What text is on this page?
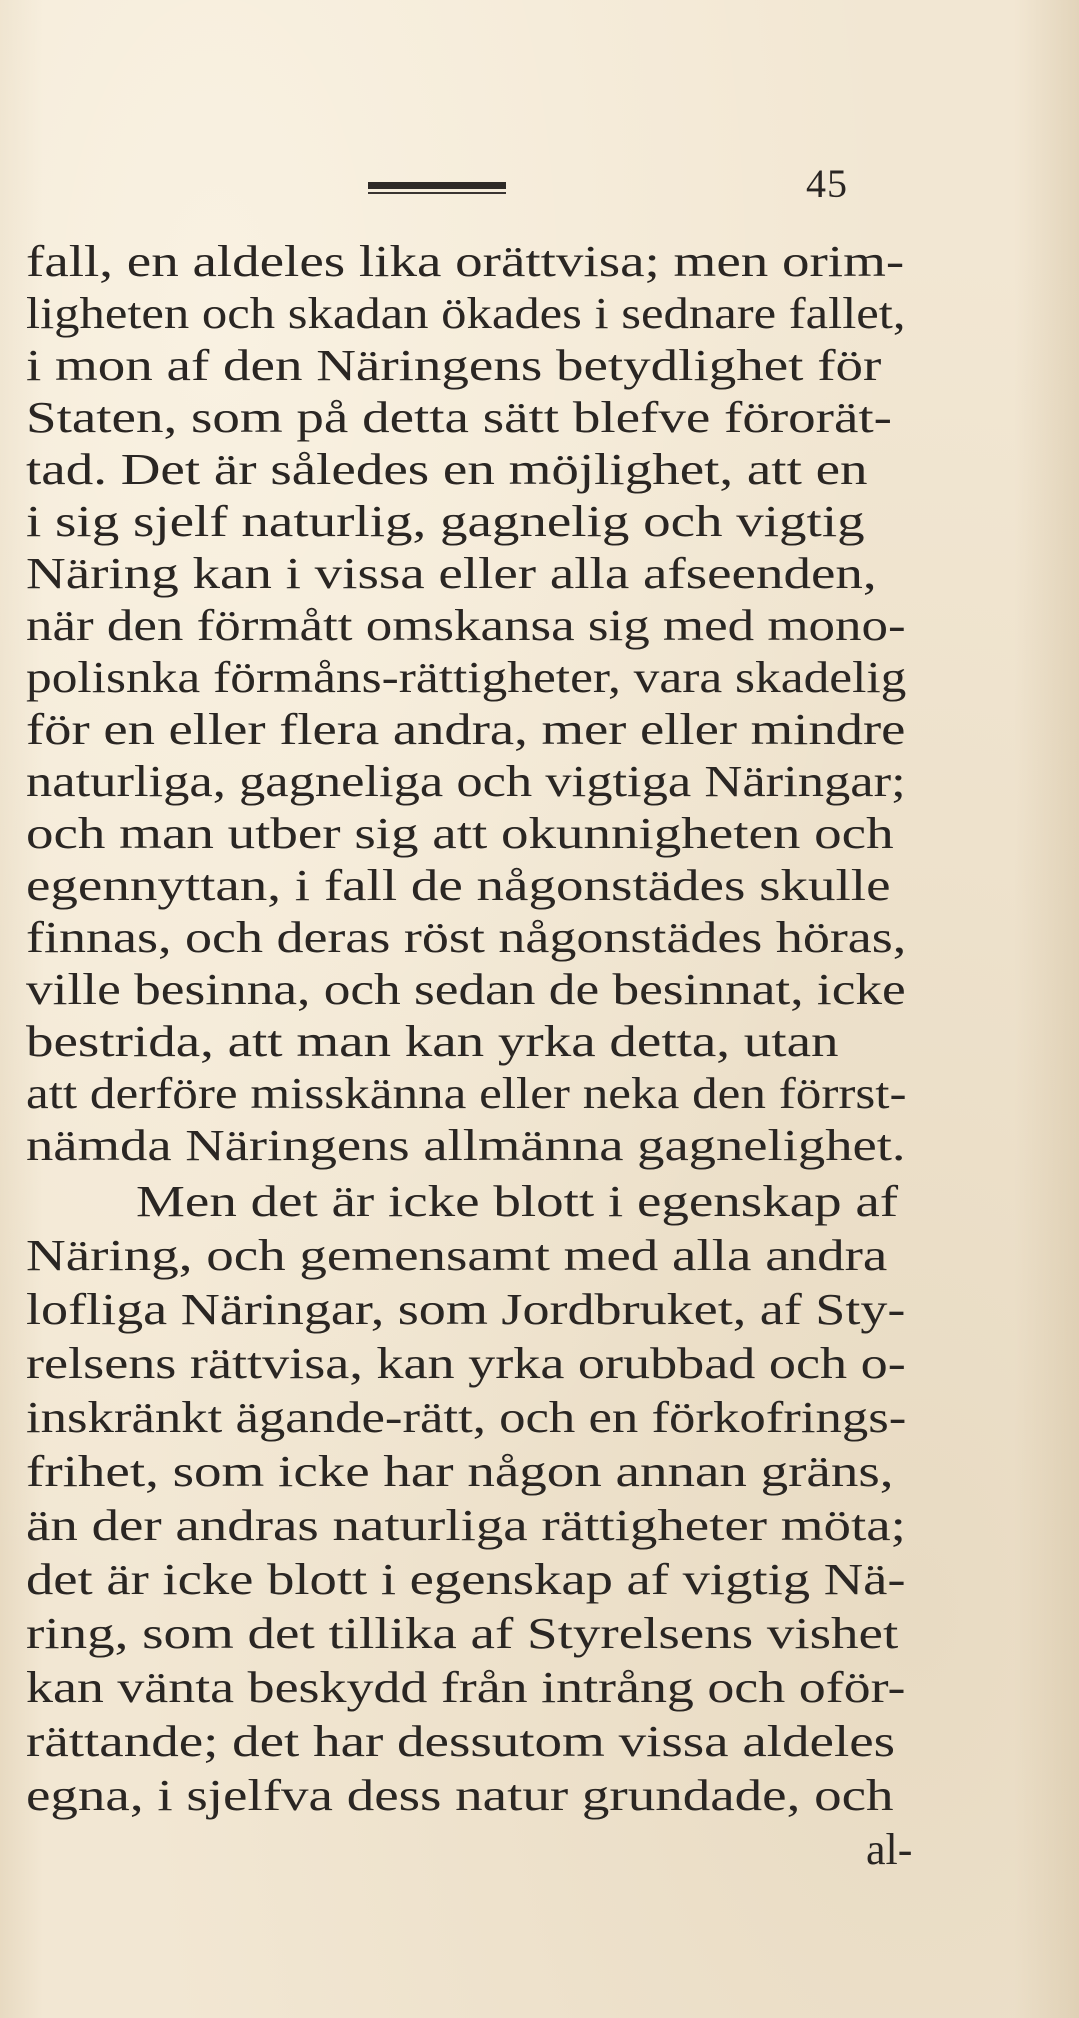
45
fall, en aldeles lika orättvisa; men orim-
ligheten och skadan ökades i sednare fallet,
i mon af den Näringens betydlighet för
Staten, som på detta sätt blefve förorät-
tad. Det är således en möjlighet, att en
i sig sjelf naturlig, gagnelig och vigtig
Näring kan i vissa eller alla afseenden,
när den förmått omskansa sig med mono-
polisnka förmåns-rättigheter, vara skadelig
för en eller flera andra, mer eller mindre
naturliga, gagneliga och vigtiga Näringar;
och man utber sig att okunnigheten och
egennyttan, i fall de någonstädes skulle
finnas, och deras röst någonstädes höras,
ville besinna, och sedan de besinnat, icke
bestrida, att man kan yrka detta, utan
att derföre misskänna eller neka den förrst-
nämda Näringens allmänna gagnelighet.
Men det är icke blott i egenskap af
Näring, och gemensamt med alla andra
lofliga Näringar, som Jordbruket, af Sty-
relsens rättvisa, kan yrka orubbad och o-
inskränkt ägande-rätt, och en förkofrings-
frihet, som icke har någon annan gräns,
än der andras naturliga rättigheter möta;
det är icke blott i egenskap af vigtig Nä-
ring, som det tillika af Styrelsens vishet
kan vänta beskydd från intrång och oför-
rättande; det har dessutom vissa aldeles
egna, i sjelfva dess natur grundade, och
al-
